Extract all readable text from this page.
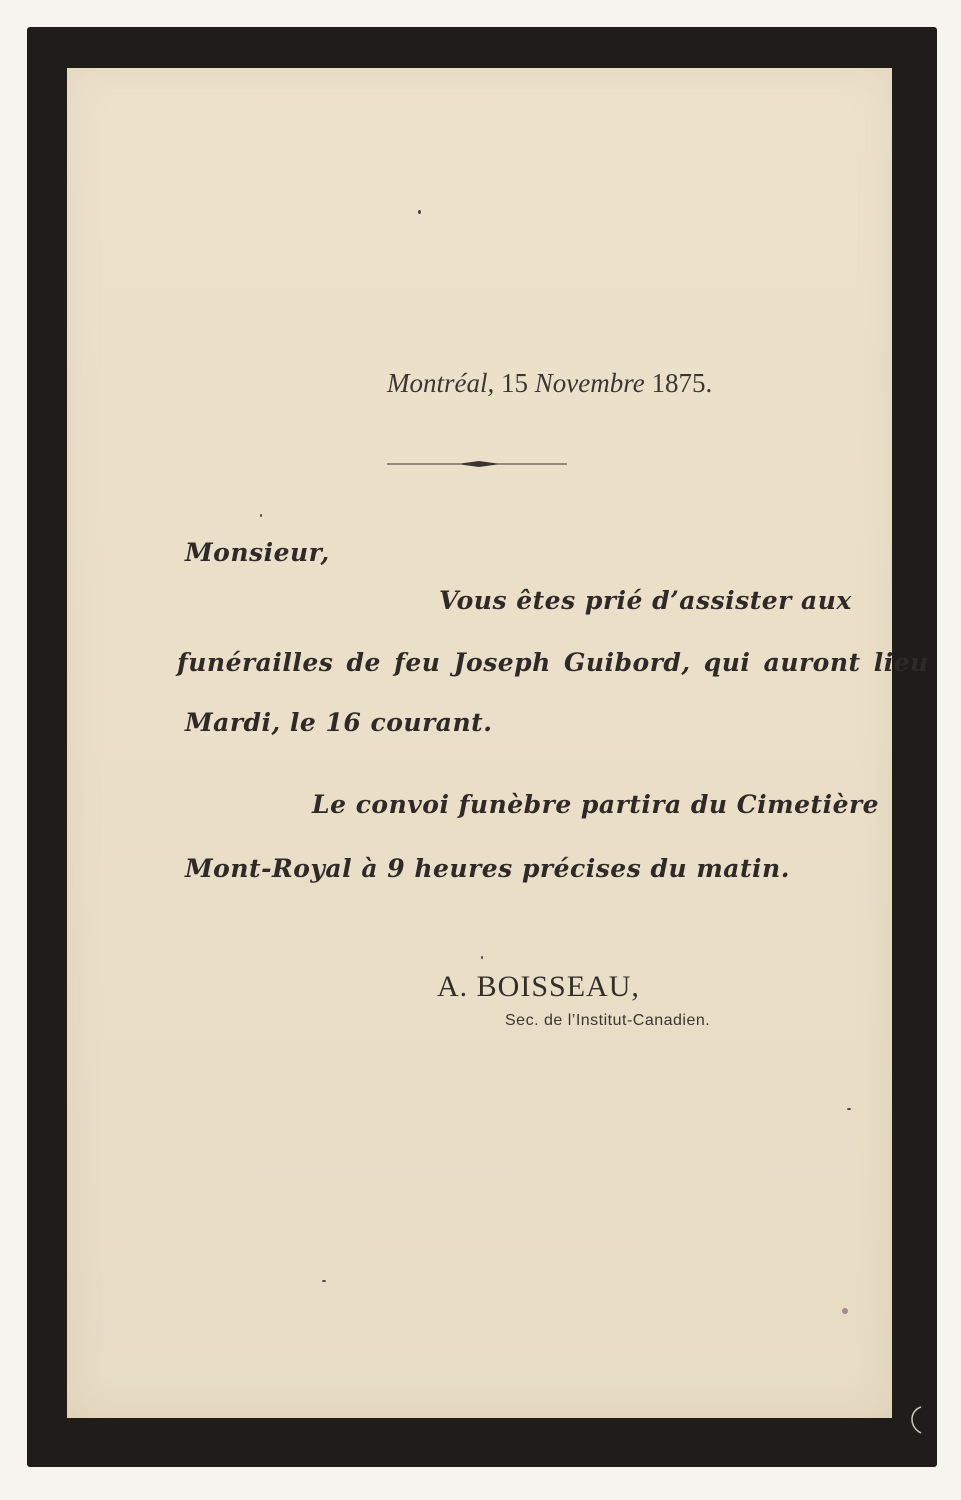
Montréal, 15 Novembre 1875.
Monsieur,
Vous êtes prié d’assister aux
funérailles de feu Joseph Guibord, qui auront lieu
Mardi, le 16 courant.
Le convoi funèbre partira du Cimetière
Mont-Royal à 9 heures précises du matin.
A. BOISSEAU,
Sec. de l’Institut-Canadien.
